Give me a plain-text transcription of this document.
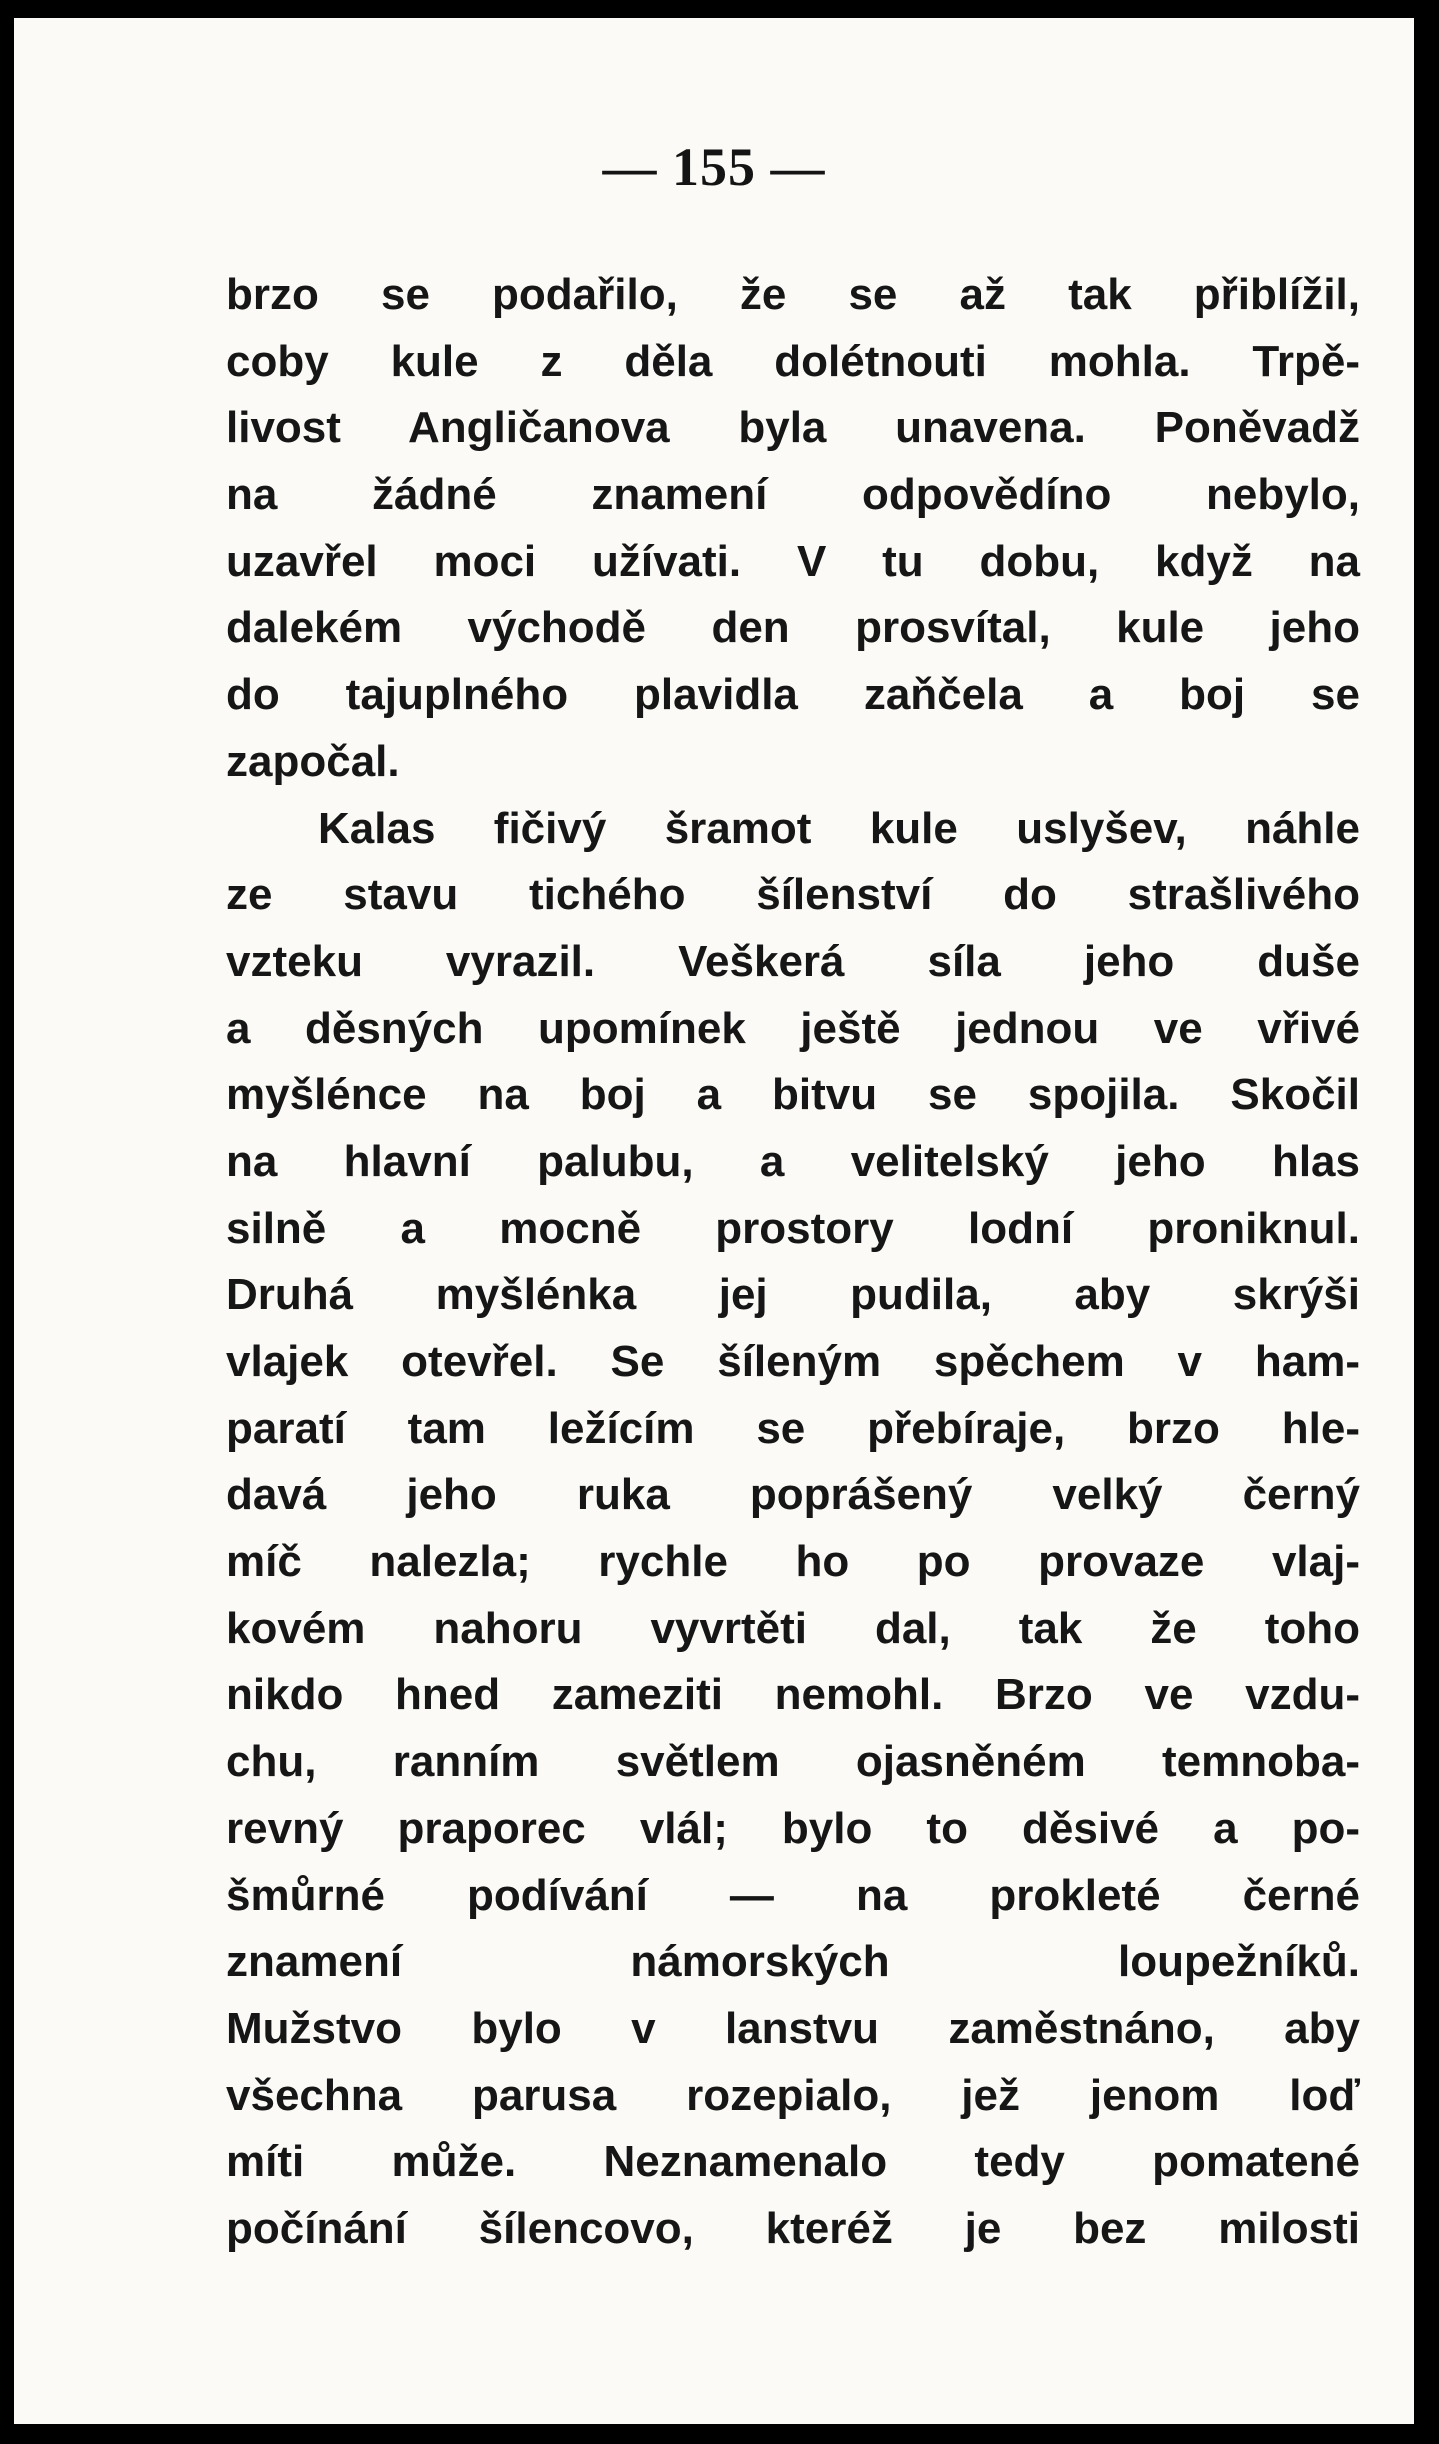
— 155 —
brzo se podařilo, že se až tak přiblížil,
coby kule z děla dolétnouti mohla. Trpě-
livost Angličanova byla unavena. Poněvadž
na žádné znamení odpovědíno nebylo,
uzavřel moci užívati. V tu dobu, když na
dalekém východě den prosvítal, kule jeho
do tajuplného plavidla zaňčela a boj se
započal.
Kalas fičivý šramot kule uslyšev, náhle
ze stavu tichého šílenství do strašlivého
vzteku vyrazil. Veškerá síla jeho duše
a děsných upomínek ještě jednou ve vřivé
myšlénce na boj a bitvu se spojila. Skočil
na hlavní palubu, a velitelský jeho hlas
silně a mocně prostory lodní proniknul.
Druhá myšlénka jej pudila, aby skrýši
vlajek otevřel. Se šíleným spěchem v ham-
paratí tam ležícím se přebíraje, brzo hle-
davá jeho ruka poprášený velký černý
míč nalezla; rychle ho po provaze vlaj-
kovém nahoru vyvrtěti dal, tak že toho
nikdo hned zameziti nemohl. Brzo ve vzdu-
chu, ranním světlem ojasněném temnoba-
revný praporec vlál; bylo to děsivé a po-
šmůrné podívání — na prokleté černé
znamení námorských loupežníků.
Mužstvo bylo v lanstvu zaměstnáno, aby
všechna parusa rozepialo, jež jenom loď
míti může. Neznamenalo tedy pomatené
počínání šílencovo, kteréž je bez milosti
